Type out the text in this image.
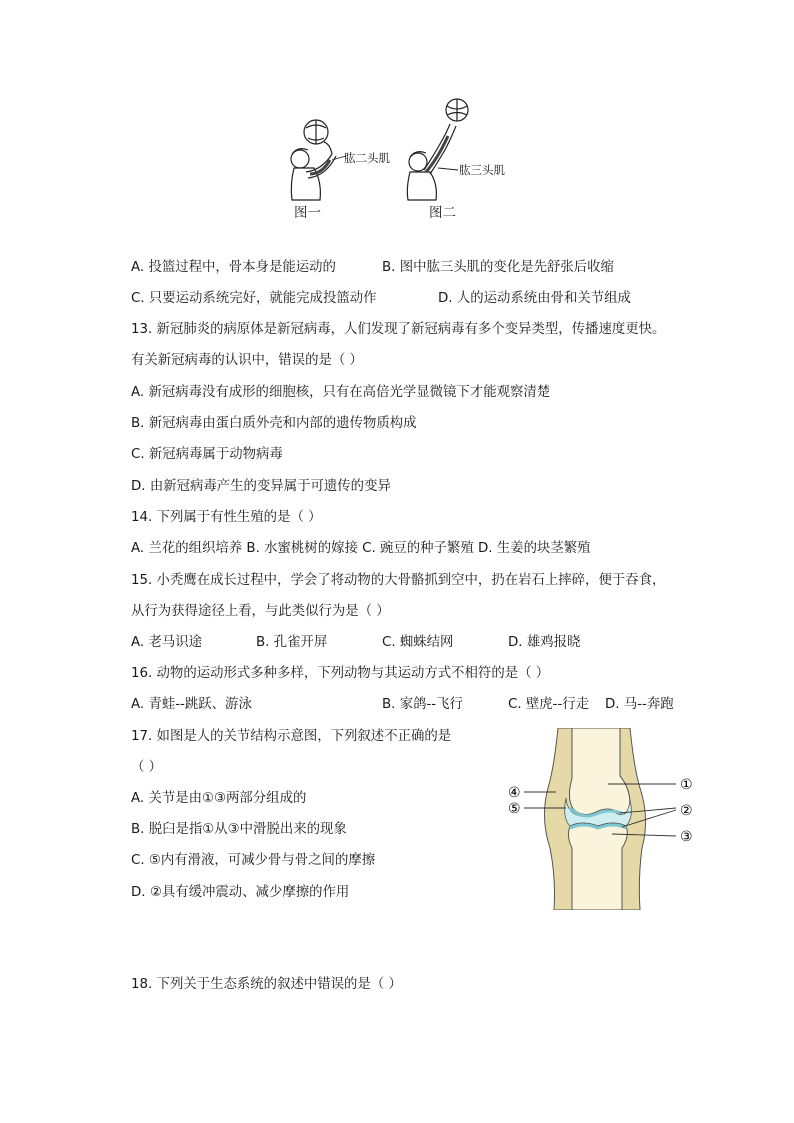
肱二头肌
肱三头肌
图一	图二
A. 投篮过程中，骨本身是能运动的	B. 图中肱三头肌的变化是先舒张后收缩
C. 只要运动系统完好，就能完成投篮动作	D. 人的运动系统由骨和关节组成
13. 新冠肺炎的病原体是新冠病毒，人们发现了新冠病毒有多个变异类型，传播速度更快。
有关新冠病毒的认识中，错误的是（ ）
A. 新冠病毒没有成形的细胞核，只有在高倍光学显微镜下才能观察清楚
B. 新冠病毒由蛋白质外壳和内部的遗传物质构成
C. 新冠病毒属于动物病毒
D. 由新冠病毒产生的变异属于可遗传的变异
14. 下列属于有性生殖的是（ ）
A. 兰花的组织培养 B. 水蜜桃树的嫁接 C. 豌豆的种子繁殖 D. 生姜的块茎繁殖
15. 小秃鹰在成长过程中，学会了将动物的大骨骼抓到空中，扔在岩石上摔碎，便于吞食，
从行为获得途径上看，与此类似行为是（ ）
A. 老马识途	B. 孔雀开屏	C. 蜘蛛结网	D. 雄鸡报晓
16. 动物的运动形式多种多样，下列动物与其运动方式不相符的是（ ）
A. 青蛙--跳跃、游泳	B. 家鸽--飞行	C. 壁虎--行走 D. 马--奔跑
17. 如图是人的关节结构示意图，下列叙述不正确的是
（ ）
A. 关节是由①③两部分组成的
B. 脱臼是指①从③中滑脱出来的现象
C. ⑤内有滑液，可减少骨与骨之间的摩擦
D. ②具有缓冲震动、减少摩擦的作用
①
②
③
④
⑤
18. 下列关于生态系统的叙述中错误的是（ ）
